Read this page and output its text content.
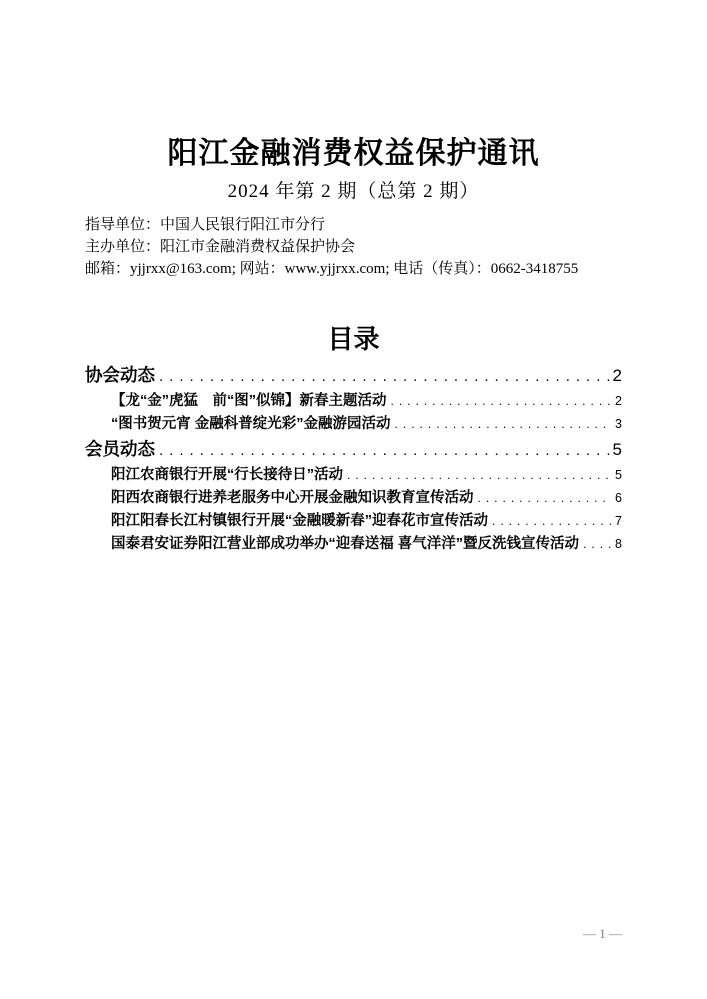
阳江金融消费权益保护通讯
2024 年第 2 期（总第 2 期）
指导单位：中国人民银行阳江市分行
主办单位：阳江市金融消费权益保护协会
邮箱：yjjrxx@163.com; 网站：www.yjjrxx.com; 电话（传真）：0662-3418755
目录
协会动态 .....	2
【龙“金”虎猛　前“图”似锦】新春主题活动 .....	2
“图书贺元宵 金融科普绽光彩”金融游园活动 .....	3
会员动态 .....	5
阳江农商银行开展“行长接待日”活动 .....	5
阳西农商银行进养老服务中心开展金融知识教育宣传活动 .....	6
阳江阳春长江村镇银行开展“金融暖新春”迎春花市宣传活动 .....	7
国泰君安证券阳江营业部成功举办“迎春送福 喜气洋洋”暨反洗钱宣传活动 .....	8
— 1 —
